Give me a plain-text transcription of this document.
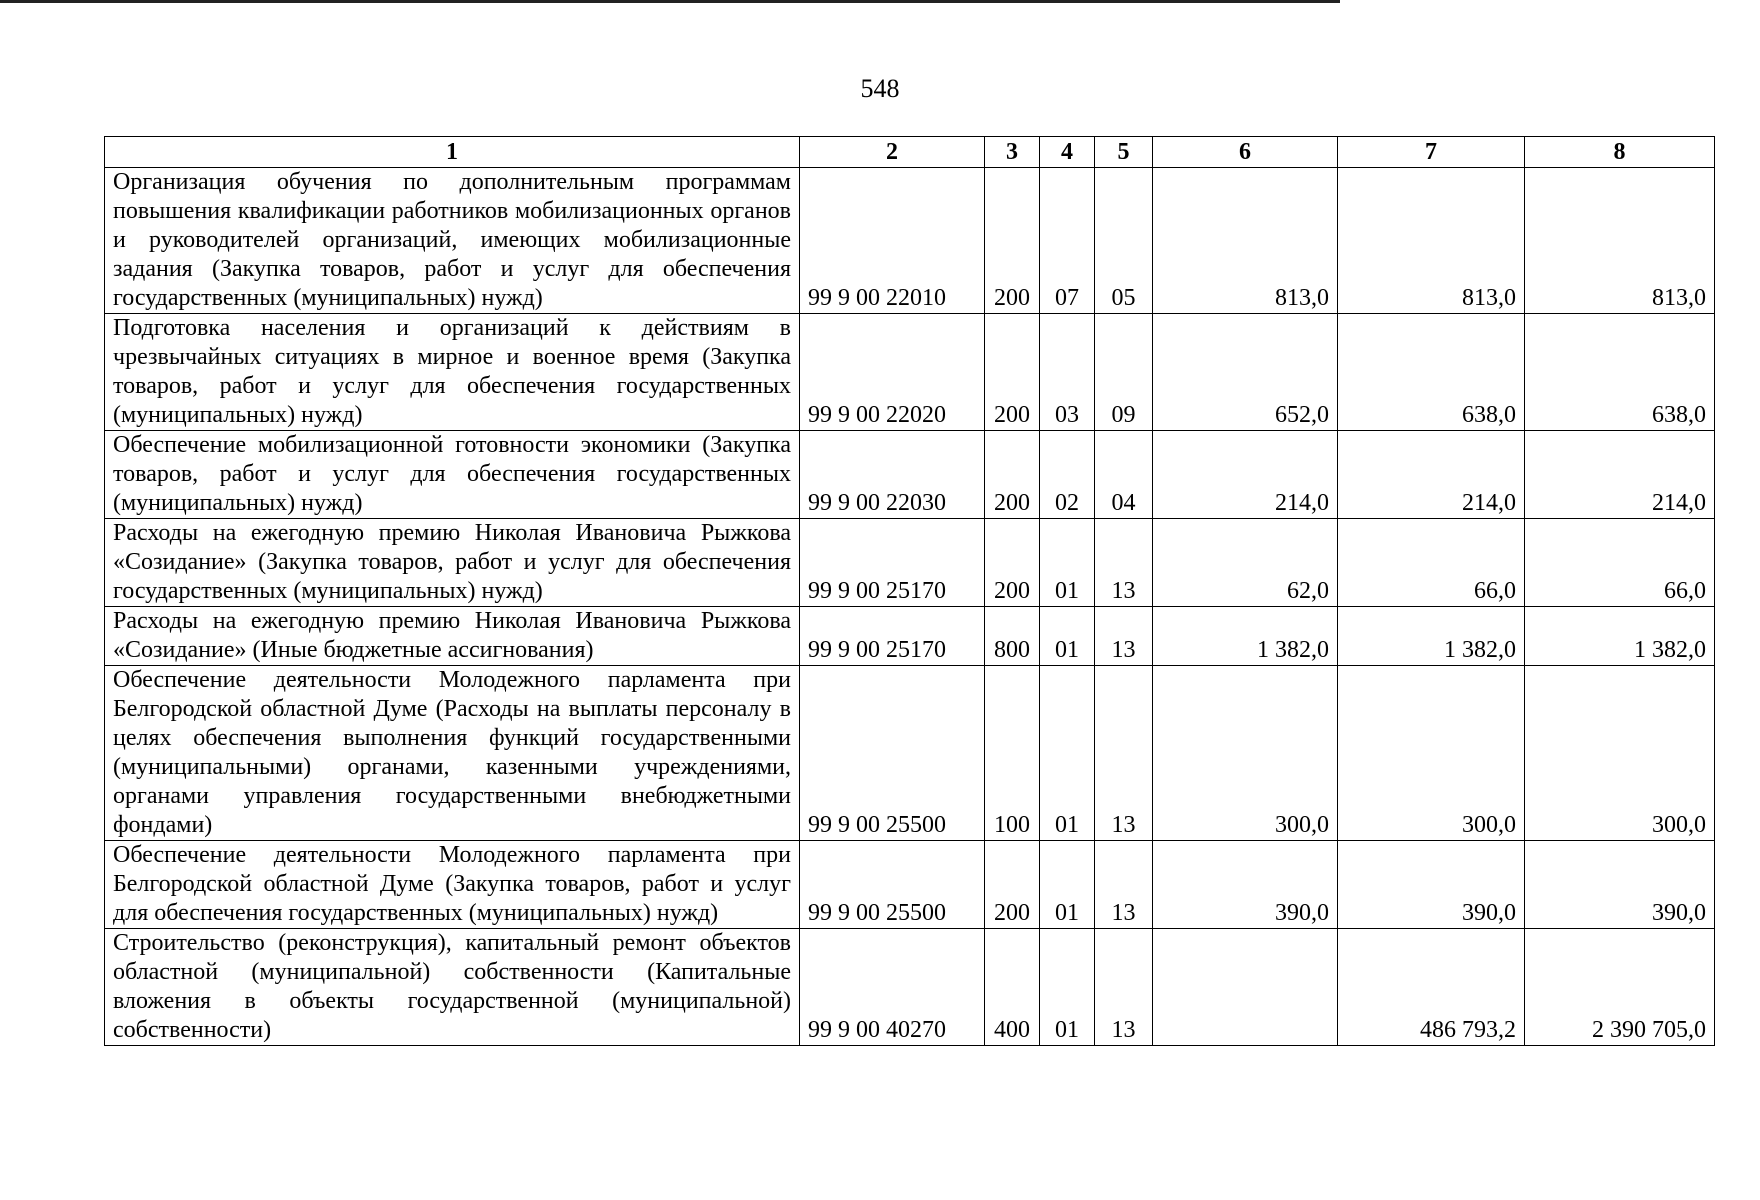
548
1	2	3	4	5	6	7	8
Организация обучения по дополнительным программам повышения квалификации работников мобилизационных органов и руководителей организаций, имеющих мобилизационные задания (Закупка товаров, работ и услуг для обеспечения государственных (муниципальных) нужд)	99 9 00 22010	200	07	05	813,0	813,0	813,0
Подготовка населения и организаций к действиям в чрезвычайных ситуациях в мирное и военное время (Закупка товаров, работ и услуг для обеспечения государственных (муниципальных) нужд)	99 9 00 22020	200	03	09	652,0	638,0	638,0
Обеспечение мобилизационной готовности экономики (Закупка товаров, работ и услуг для обеспечения государственных (муниципальных) нужд)	99 9 00 22030	200	02	04	214,0	214,0	214,0
Расходы на ежегодную премию Николая Ивановича Рыжкова «Созидание» (Закупка товаров, работ и услуг для обеспечения государственных (муниципальных) нужд)	99 9 00 25170	200	01	13	62,0	66,0	66,0
Расходы на ежегодную премию Николая Ивановича Рыжкова «Созидание» (Иные бюджетные ассигнования)	99 9 00 25170	800	01	13	1 382,0	1 382,0	1 382,0
Обеспечение деятельности Молодежного парламента при Белгородской областной Думе (Расходы на выплаты персоналу в целях обеспечения выполнения функций государственными (муниципальными) органами, казенными учреждениями, органами управления государственными внебюджетными фондами)	99 9 00 25500	100	01	13	300,0	300,0	300,0
Обеспечение деятельности Молодежного парламента при Белгородской областной Думе (Закупка товаров, работ и услуг для обеспечения государственных (муниципальных) нужд)	99 9 00 25500	200	01	13	390,0	390,0	390,0
Строительство (реконструкция), капитальный ремонт объектов областной (муниципальной) собственности (Капитальные вложения в объекты государственной (муниципальной) собственности)	99 9 00 40270	400	01	13		486 793,2	2 390 705,0
